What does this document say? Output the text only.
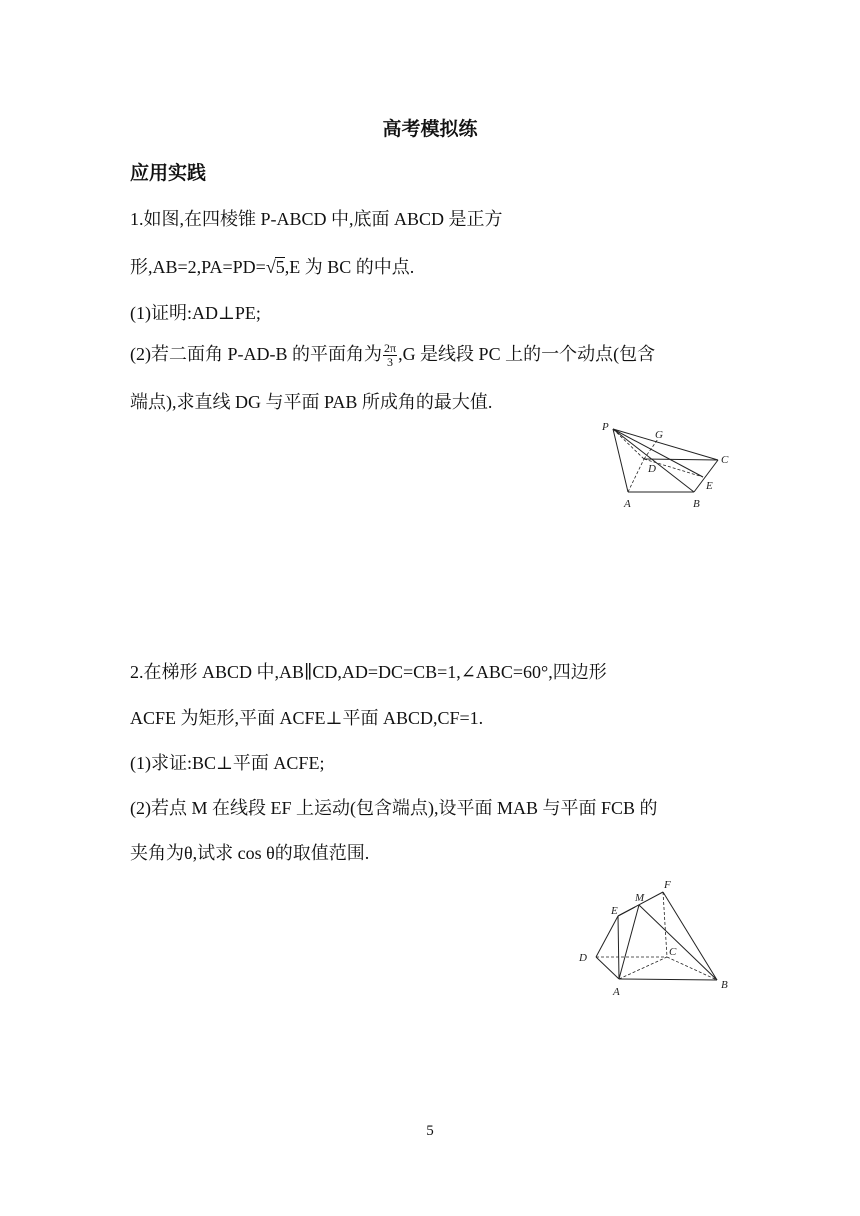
高考模拟练
应用实践
1.如图,在四棱锥 P-ABCD 中,底面 ABCD 是正方
形,AB=2,PA=PD=√5,E 为 BC 的中点.
(1)证明:AD⊥PE;
(2)若二面角 P-AD-B 的平面角为 $\frac{2\pi}{3} ,G$ 是线段 PC 上的一个动点(包含
端点),求直线 DG 与平面 PAB 所成角的最大值.
P
G
C
D
E
A	B
2.在梯形 ABCD 中,AB∥CD,AD=DC=CB=1,∠ABC=60°,四边形
ACFE 为矩形,平面 ACFE⊥平面 ABCD,CF=1.
(1)求证:BC⊥平面 ACFE;
(2)若点 M 在线段 EF 上运动(包含端点),设平面 MAB 与平面 FCB 的
夹角为θ,试求 cos θ的取值范围.
M
F
E
C
D
A
B
5
